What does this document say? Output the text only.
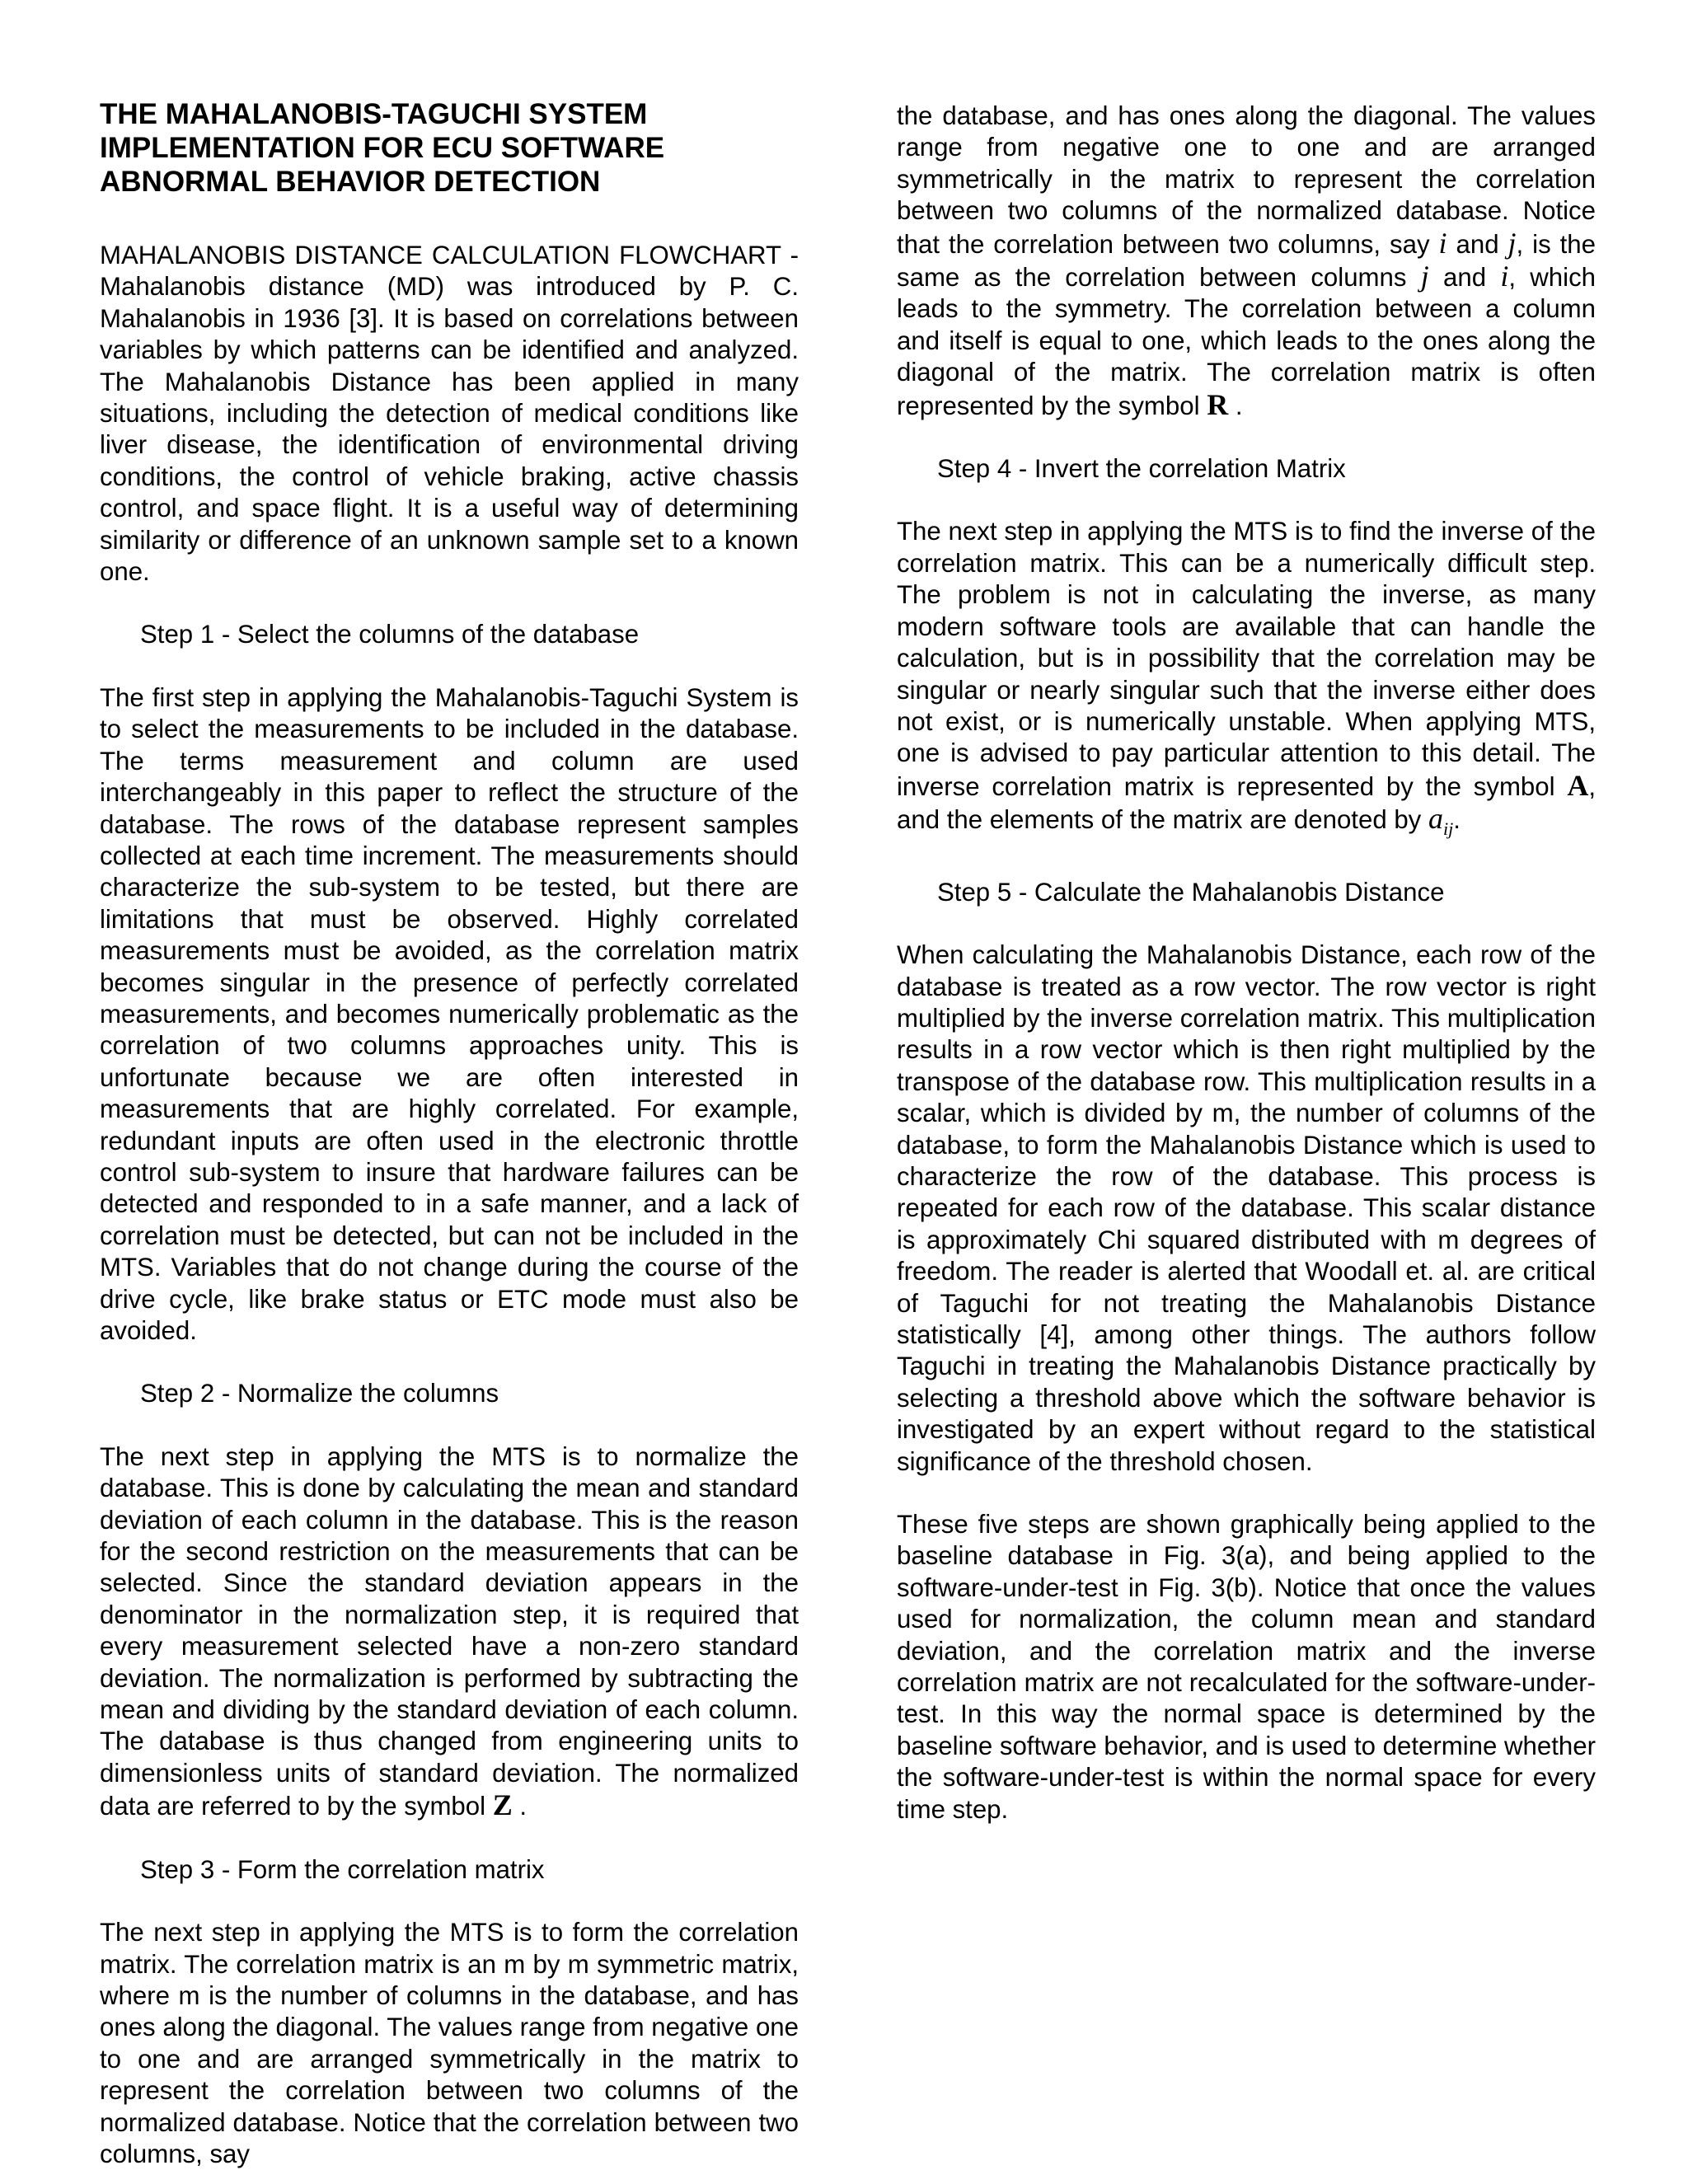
THE MAHALANOBIS-TAGUCHI SYSTEM IMPLEMENTATION FOR ECU SOFTWARE ABNORMAL BEHAVIOR DETECTION

MAHALANOBIS DISTANCE CALCULATION FLOWCHART - Mahalanobis distance (MD) was introduced by P. C. Mahalanobis in 1936 [3]. It is based on correlations between variables by which patterns can be identified and analyzed. The Mahalanobis Distance has been applied in many situations, including the detection of medical conditions like liver disease, the identification of environmental driving conditions, the control of vehicle braking, active chassis control, and space flight. It is a useful way of determining similarity or difference of an unknown sample set to a known one.

Step 1 - Select the columns of the database

The first step in applying the Mahalanobis-Taguchi System is to select the measurements to be included in the database. The terms measurement and column are used interchangeably in this paper to reflect the structure of the database. The rows of the database represent samples collected at each time increment. The measurements should characterize the sub-system to be tested, but there are limitations that must be observed. Highly correlated measurements must be avoided, as the correlation matrix becomes singular in the presence of perfectly correlated measurements, and becomes numerically problematic as the correlation of two columns approaches unity. This is unfortunate because we are often interested in measurements that are highly correlated. For example, redundant inputs are often used in the electronic throttle control sub-system to insure that hardware failures can be detected and responded to in a safe manner, and a lack of correlation must be detected, but can not be included in the MTS. Variables that do not change during the course of the drive cycle, like brake status or ETC mode must also be avoided.

Step 2 - Normalize the columns

The next step in applying the MTS is to normalize the database. This is done by calculating the mean and standard deviation of each column in the database. This is the reason for the second restriction on the measurements that can be selected. Since the standard deviation appears in the denominator in the normalization step, it is required that every measurement selected have a non-zero standard deviation. The normalization is performed by subtracting the mean and dividing by the standard deviation of each column. The database is thus changed from engineering units to dimensionless units of standard deviation. The normalized data are referred to by the symbol Z .

Step 3 - Form the correlation matrix

The next step in applying the MTS is to form the correlation matrix. The correlation matrix is an m by m symmetric matrix, where m is the number of columns in the database, and has ones along the diagonal. The values range from negative one to one and are arranged symmetrically in the matrix to represent the correlation between two columns of the normalized database. Notice that the correlation between two columns, say

the database, and has ones along the diagonal. The values range from negative one to one and are arranged symmetrically in the matrix to represent the correlation between two columns of the normalized database. Notice that the correlation between two columns, say i and j, is the same as the correlation between columns j and i, which leads to the symmetry. The correlation between a column and itself is equal to one, which leads to the ones along the diagonal of the matrix. The correlation matrix is often represented by the symbol R .

Step 4 - Invert the correlation Matrix

The next step in applying the MTS is to find the inverse of the correlation matrix. This can be a numerically difficult step. The problem is not in calculating the inverse, as many modern software tools are available that can handle the calculation, but is in possibility that the correlation may be singular or nearly singular such that the inverse either does not exist, or is numerically unstable. When applying MTS, one is advised to pay particular attention to this detail. The inverse correlation matrix is represented by the symbol A, and the elements of the matrix are denoted by $a_{ij}$.

Step 5 - Calculate the Mahalanobis Distance

When calculating the Mahalanobis Distance, each row of the database is treated as a row vector. The row vector is right multiplied by the inverse correlation matrix. This multiplication results in a row vector which is then right multiplied by the transpose of the database row. This multiplication results in a scalar, which is divided by m, the number of columns of the database, to form the Mahalanobis Distance which is used to characterize the row of the database. This process is repeated for each row of the database. This scalar distance is approximately Chi squared distributed with m degrees of freedom. The reader is alerted that Woodall et. al. are critical of Taguchi for not treating the Mahalanobis Distance statistically [4], among other things. The authors follow Taguchi in treating the Mahalanobis Distance practically by selecting a threshold above which the software behavior is investigated by an expert without regard to the statistical significance of the threshold chosen.

These five steps are shown graphically being applied to the baseline database in Fig. 3(a), and being applied to the software-under-test in Fig. 3(b). Notice that once the values used for normalization, the column mean and standard deviation, and the correlation matrix and the inverse correlation matrix are not recalculated for the software-under-test. In this way the normal space is determined by the baseline software behavior, and is used to determine whether the software-under-test is within the normal space for every time step.
